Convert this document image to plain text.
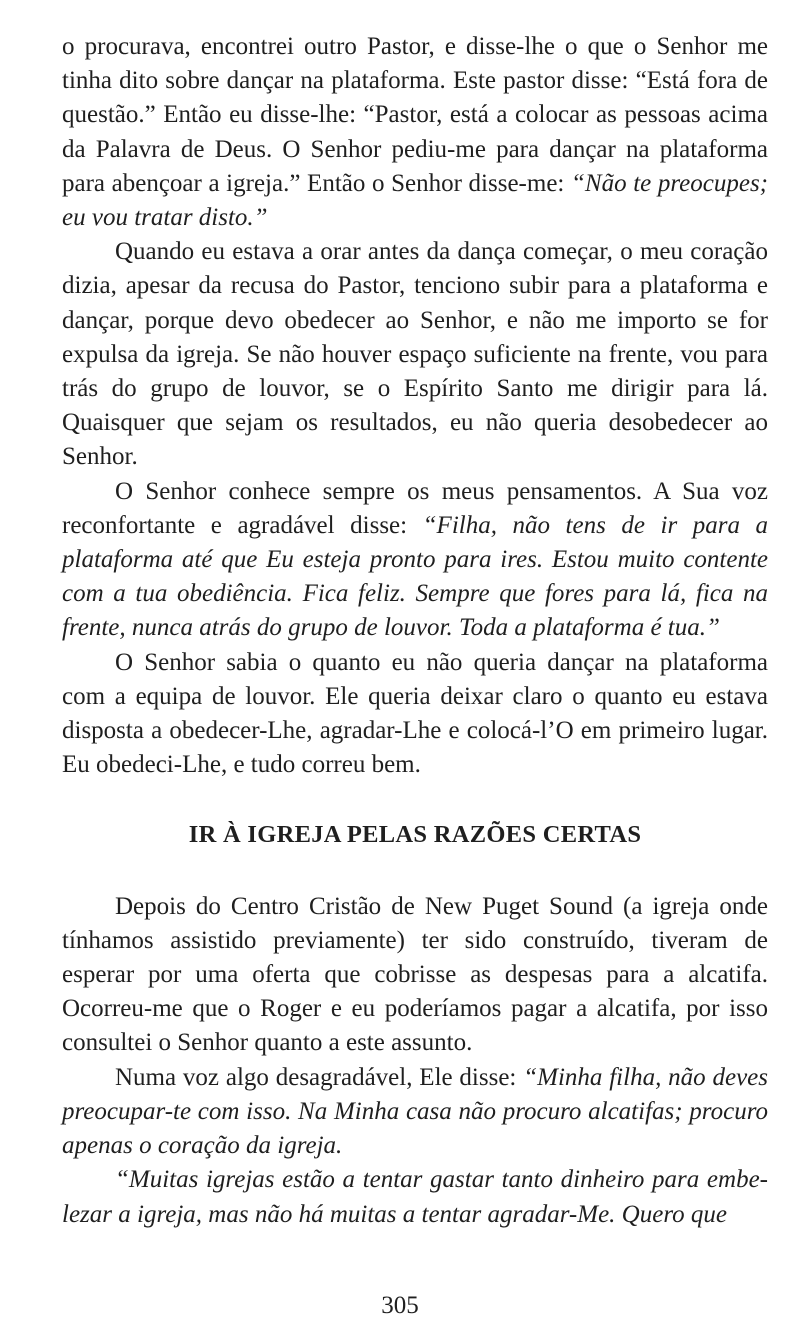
o procurava, encontrei outro Pastor, e disse-lhe o que o Senhor me tinha dito sobre dançar na plataforma. Este pastor disse: “Está fora de questão.” Então eu disse-lhe: “Pastor, está a colocar as pessoas acima da Palavra de Deus. O Senhor pediu-me para dançar na plataforma para abençoar a igreja.” Então o Senhor disse-me: “Não te preocupes; eu vou tratar disto.”

Quando eu estava a orar antes da dança começar, o meu coração dizia, apesar da recusa do Pastor, tenciono subir para a plataforma e dançar, porque devo obedecer ao Senhor, e não me importo se for expulsa da igreja. Se não houver espaço suficiente na frente, vou para trás do grupo de louvor, se o Espírito Santo me dirigir para lá. Quaisquer que sejam os resultados, eu não queria desobedecer ao Senhor.

O Senhor conhece sempre os meus pensamentos. A Sua voz reconfortante e agradável disse: “Filha, não tens de ir para a plataforma até que Eu esteja pronto para ires. Estou muito contente com a tua obediência. Fica feliz. Sempre que fores para lá, fica na frente, nunca atrás do grupo de louvor. Toda a plataforma é tua.”

O Senhor sabia o quanto eu não queria dançar na plataforma com a equipa de louvor. Ele queria deixar claro o quanto eu estava disposta a obedecer-Lhe, agradar-Lhe e colocá-l’O em primeiro lugar. Eu obedeci-Lhe, e tudo correu bem.

IR À IGREJA PELAS RAZÕES CERTAS

Depois do Centro Cristão de New Puget Sound (a igreja onde tínhamos assistido previamente) ter sido construído, tiveram de esperar por uma oferta que cobrisse as despesas para a alcatifa. Ocorreu-me que o Roger e eu poderíamos pagar a alcatifa, por isso consultei o Senhor quanto a este assunto.

Numa voz algo desagradável, Ele disse: “Minha filha, não deves preocupar-te com isso. Na Minha casa não procuro alcatifas; procuro apenas o coração da igreja.

“Muitas igrejas estão a tentar gastar tanto dinheiro para embelezar a igreja, mas não há muitas a tentar agradar-Me. Quero que

305
